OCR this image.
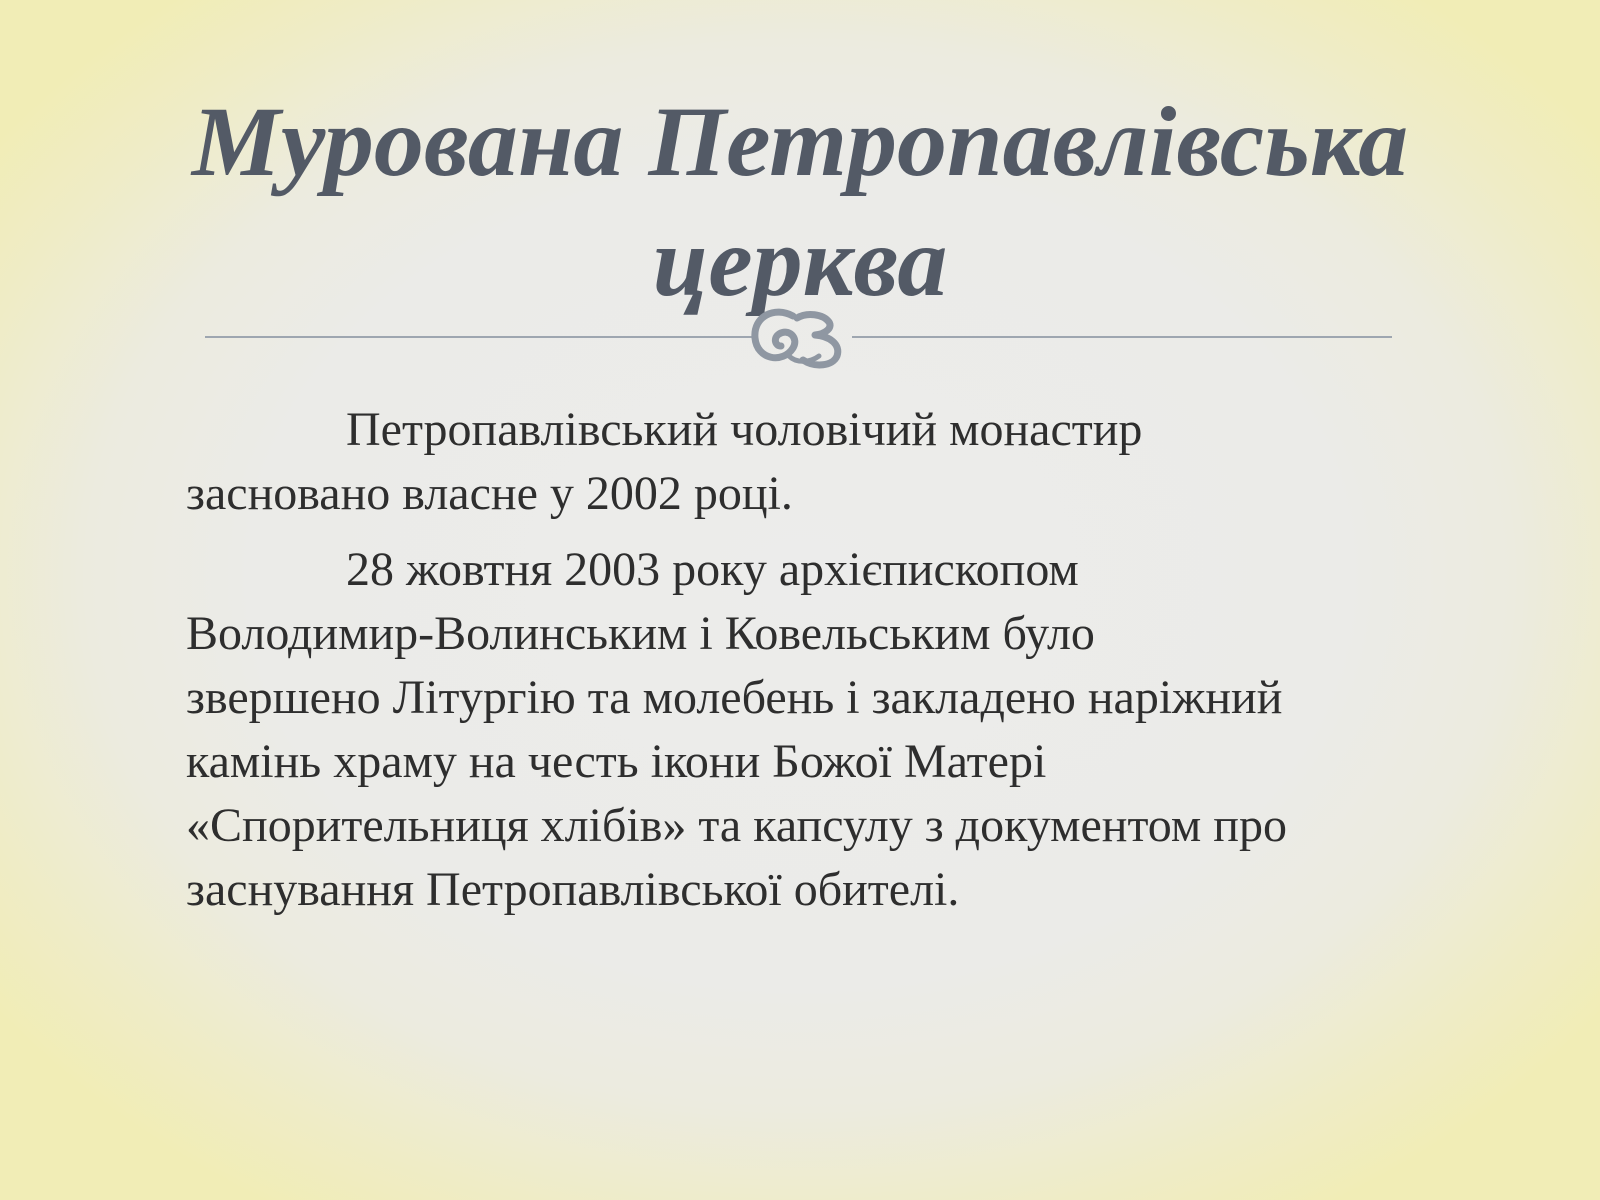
Мурована Петропавлівська
церква

Петропавлівський чоловічий монастир
засновано власне у 2002 році.

28 жовтня 2003 року архієпископом
Володимир-Волинським і Ковельським було
звершено Літургію та молебень і закладено наріжний
камінь храму на честь ікони Божої Матері
«Спорительниця хлібів» та капсулу з документом про
заснування Петропавлівської обителі.
